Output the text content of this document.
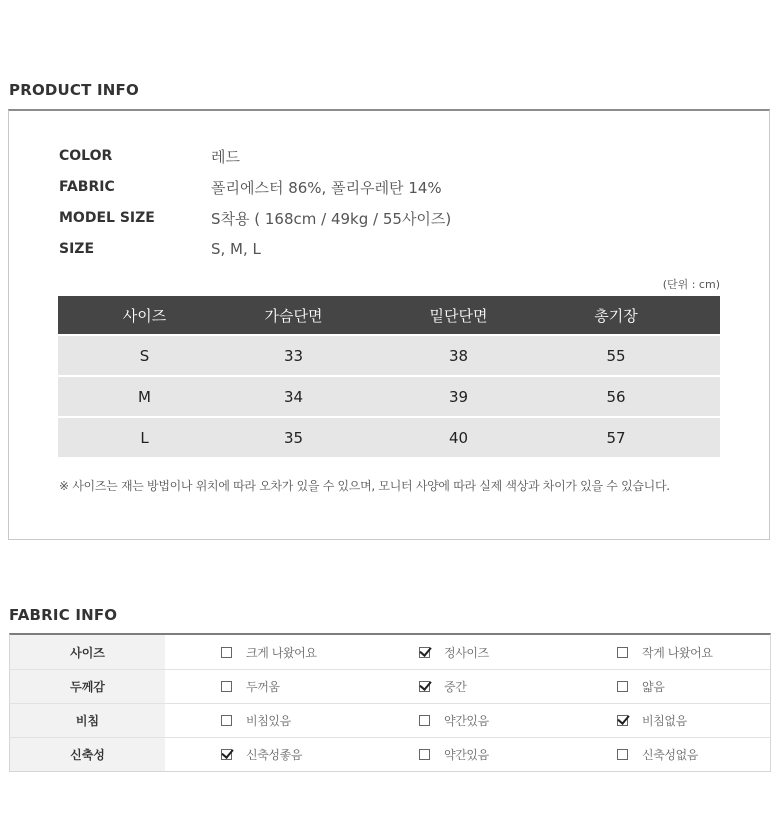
PRODUCT INFO
COLOR	레드
FABRIC	폴리에스터 86%, 폴리우레탄 14%
MODEL SIZE	S착용 ( 168cm / 49kg / 55사이즈)
SIZE	S, M, L
(단위 : cm)
사이즈	가슴단면	밑단단면	총기장
S	33	38	55
M	34	39	56
L	35	40	57
※ 사이즈는 재는 방법이나 위치에 따라 오차가 있을 수 있으며, 모니터 사양에 따라 실제 색상과 차이가 있을 수 있습니다.
FABRIC INFO
사이즈	크게 나왔어요	정사이즈	작게 나왔어요
두께감	두꺼움	중간	얇음
비침	비침있음	약간있음	비침없음
신축성	신축성좋음	약간있음	신축성없음
